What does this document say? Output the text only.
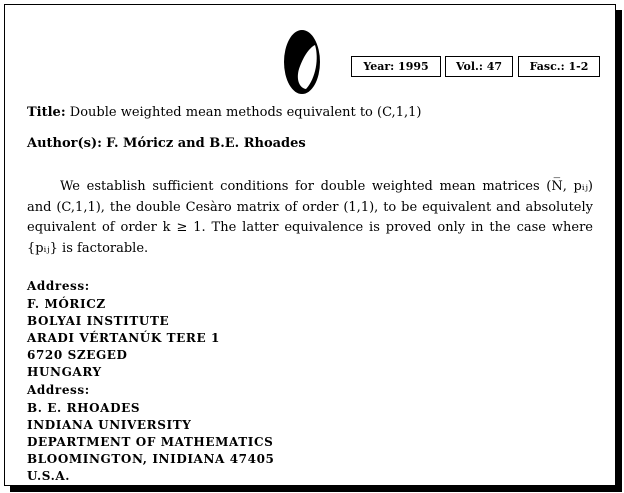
Year: 1995	Vol.: 47	Fasc.: 1-2
Title: Double weighted mean methods equivalent to (C,1,1)
Author(s): F. Móricz and B.E. Rhoades
We establish sufficient conditions for double weighted mean matrices (N̅, pᵢⱼ) and (C,1,1), the double Cesàro matrix of order (1,1), to be equivalent and absolutely equivalent of order k ≥ 1. The latter equivalence is proved only in the case where {pᵢⱼ} is factorable.
Address:
F. MÓRICZ
BOLYAI INSTITUTE
ARADI VÉRTANÚK TERE 1
6720 SZEGED
HUNGARY
Address:
B. E. RHOADES
INDIANA UNIVERSITY
DEPARTMENT OF MATHEMATICS
BLOOMINGTON, INIDIANA 47405
U.S.A.
